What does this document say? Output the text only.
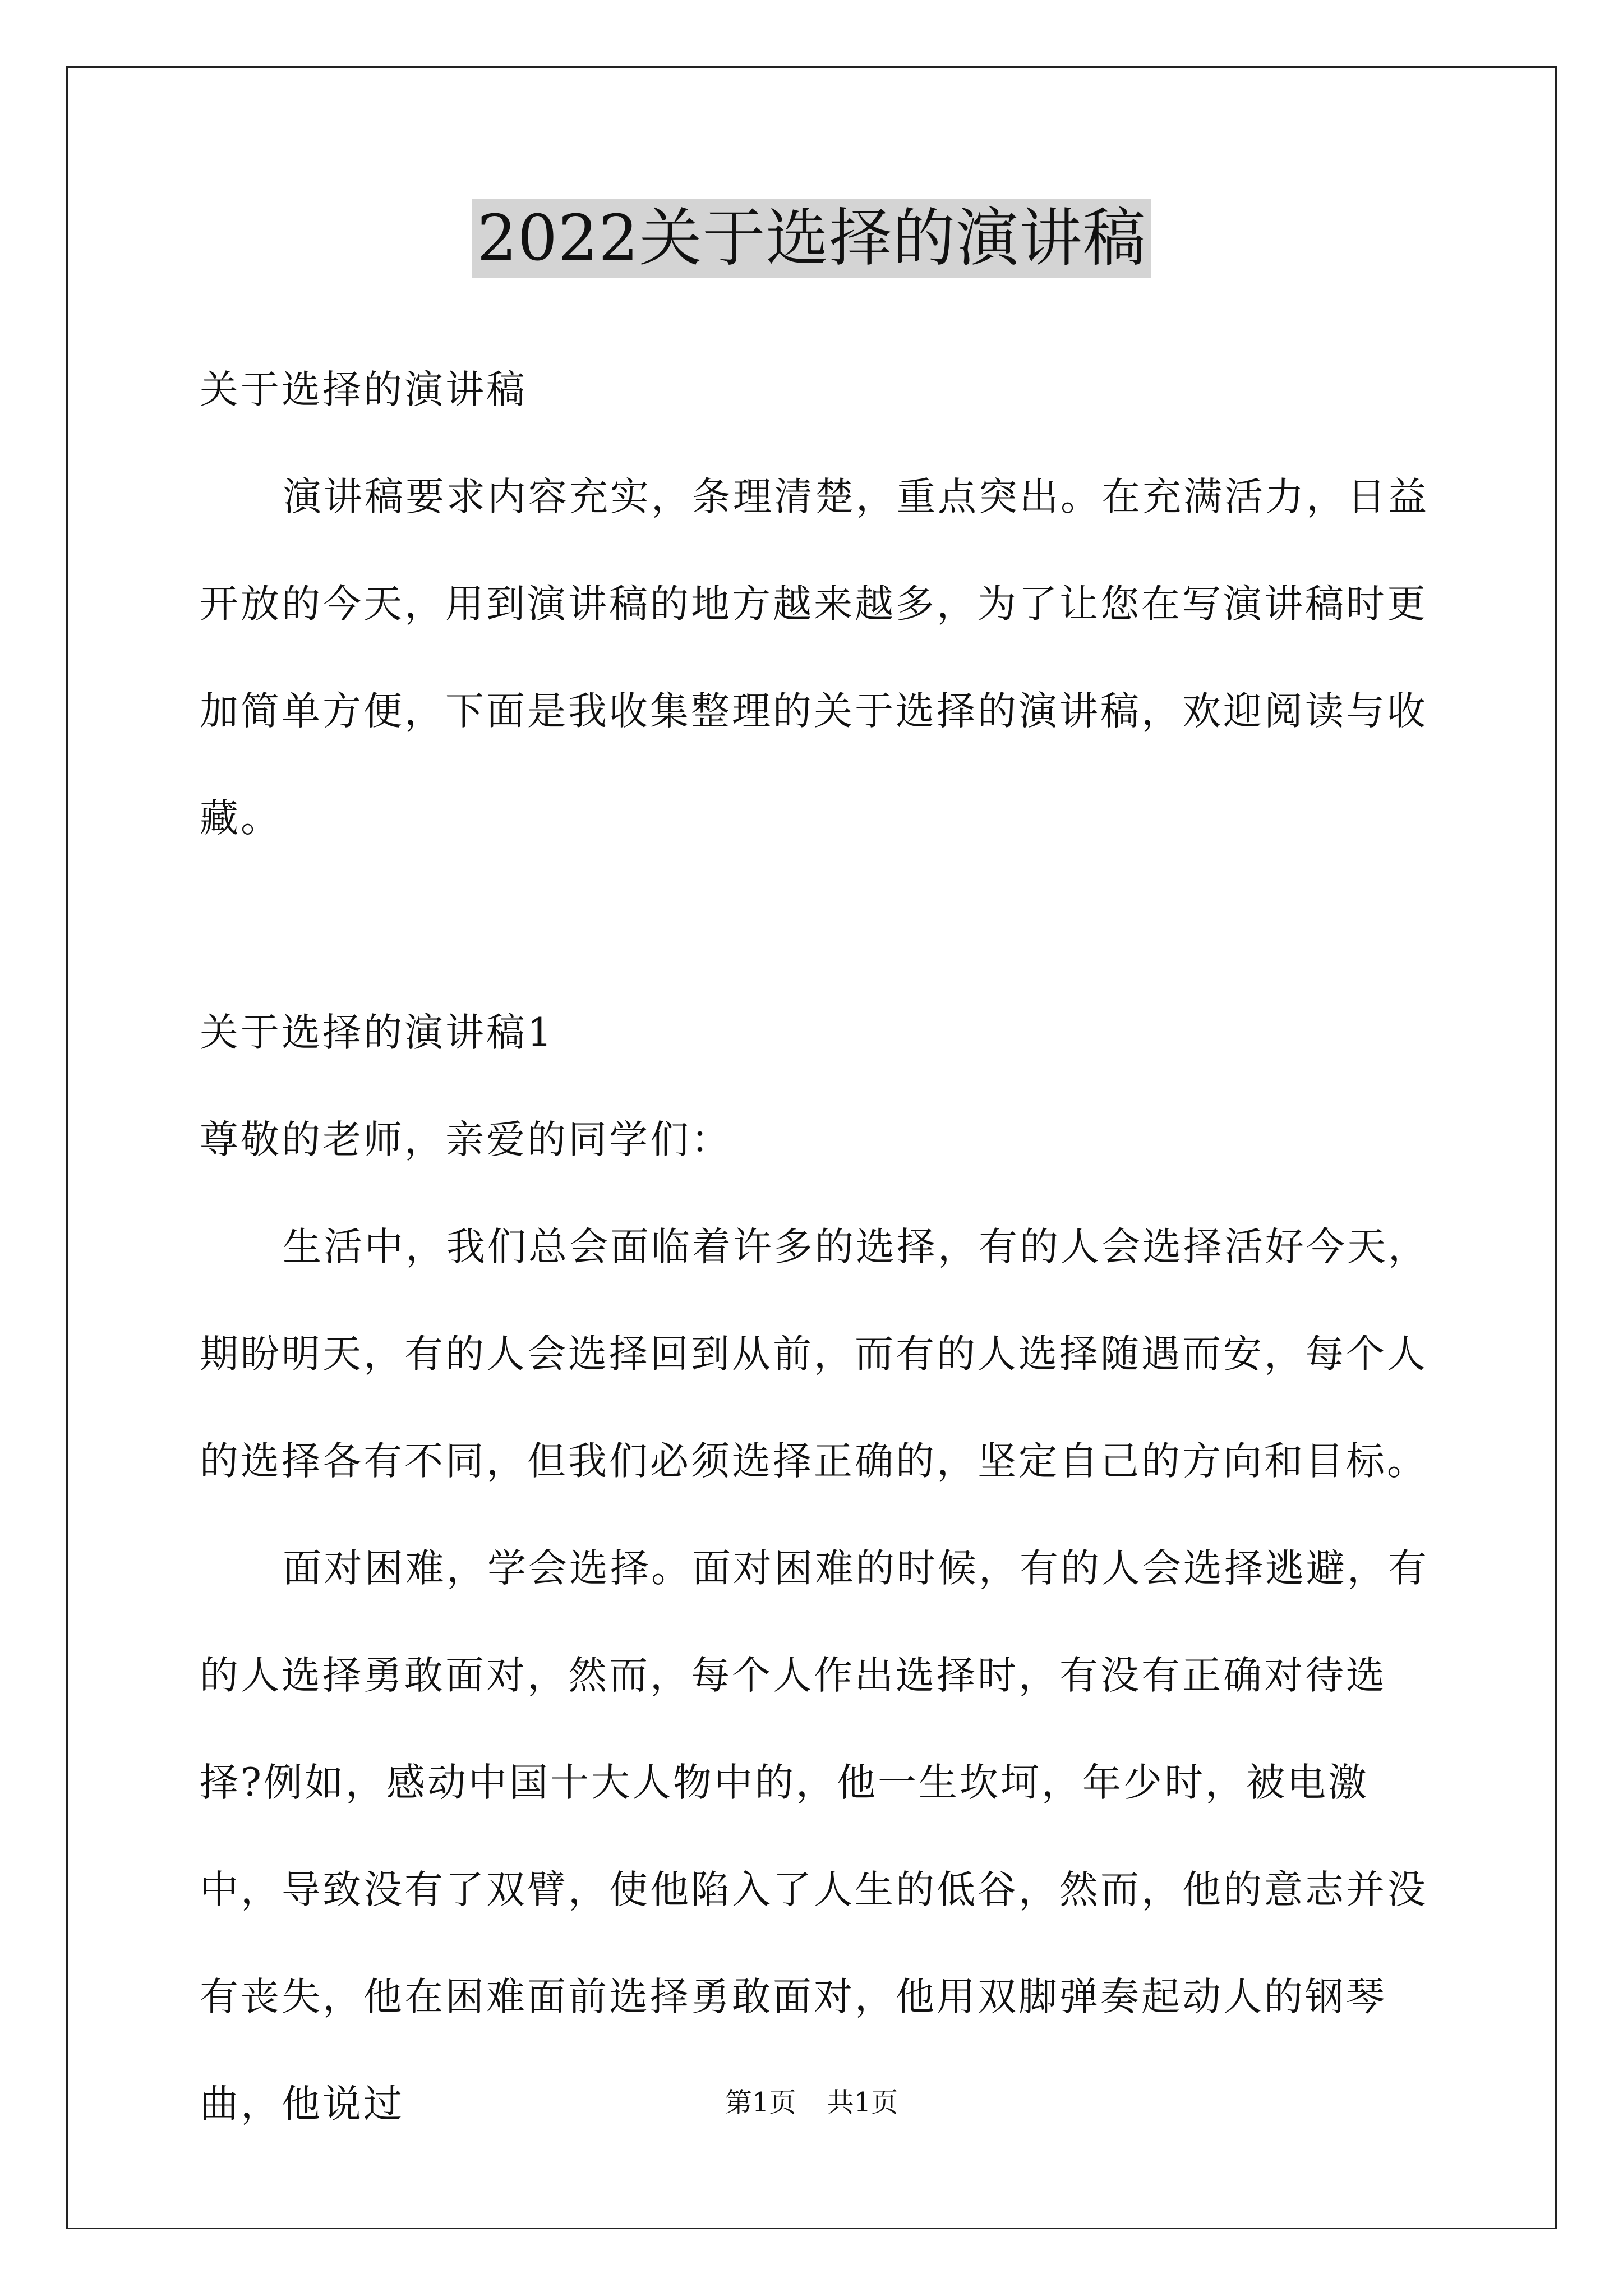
2022关于选择的演讲稿

关于选择的演讲稿

演讲稿要求内容充实，条理清楚，重点突出。在充满活力，日益开放的今天，用到演讲稿的地方越来越多，为了让您在写演讲稿时更加简单方便，下面是我收集整理的关于选择的演讲稿，欢迎阅读与收藏。

关于选择的演讲稿1

尊敬的老师，亲爱的同学们：

生活中，我们总会面临着许多的选择，有的人会选择活好今天，期盼明天，有的人会选择回到从前，而有的人选择随遇而安，每个人的选择各有不同，但我们必须选择正确的，坚定自己的方向和目标。

面对困难，学会选择。面对困难的时候，有的人会选择逃避，有的人选择勇敢面对，然而，每个人作出选择时，有没有正确对待选择?例如，感动中国十大人物中的，他一生坎坷，年少时，被电激中，导致没有了双臂，使他陷入了人生的低谷，然而，他的意志并没有丧失，他在困难面前选择勇敢面对，他用双脚弹奏起动人的钢琴曲，他说过	第1页 共1页
